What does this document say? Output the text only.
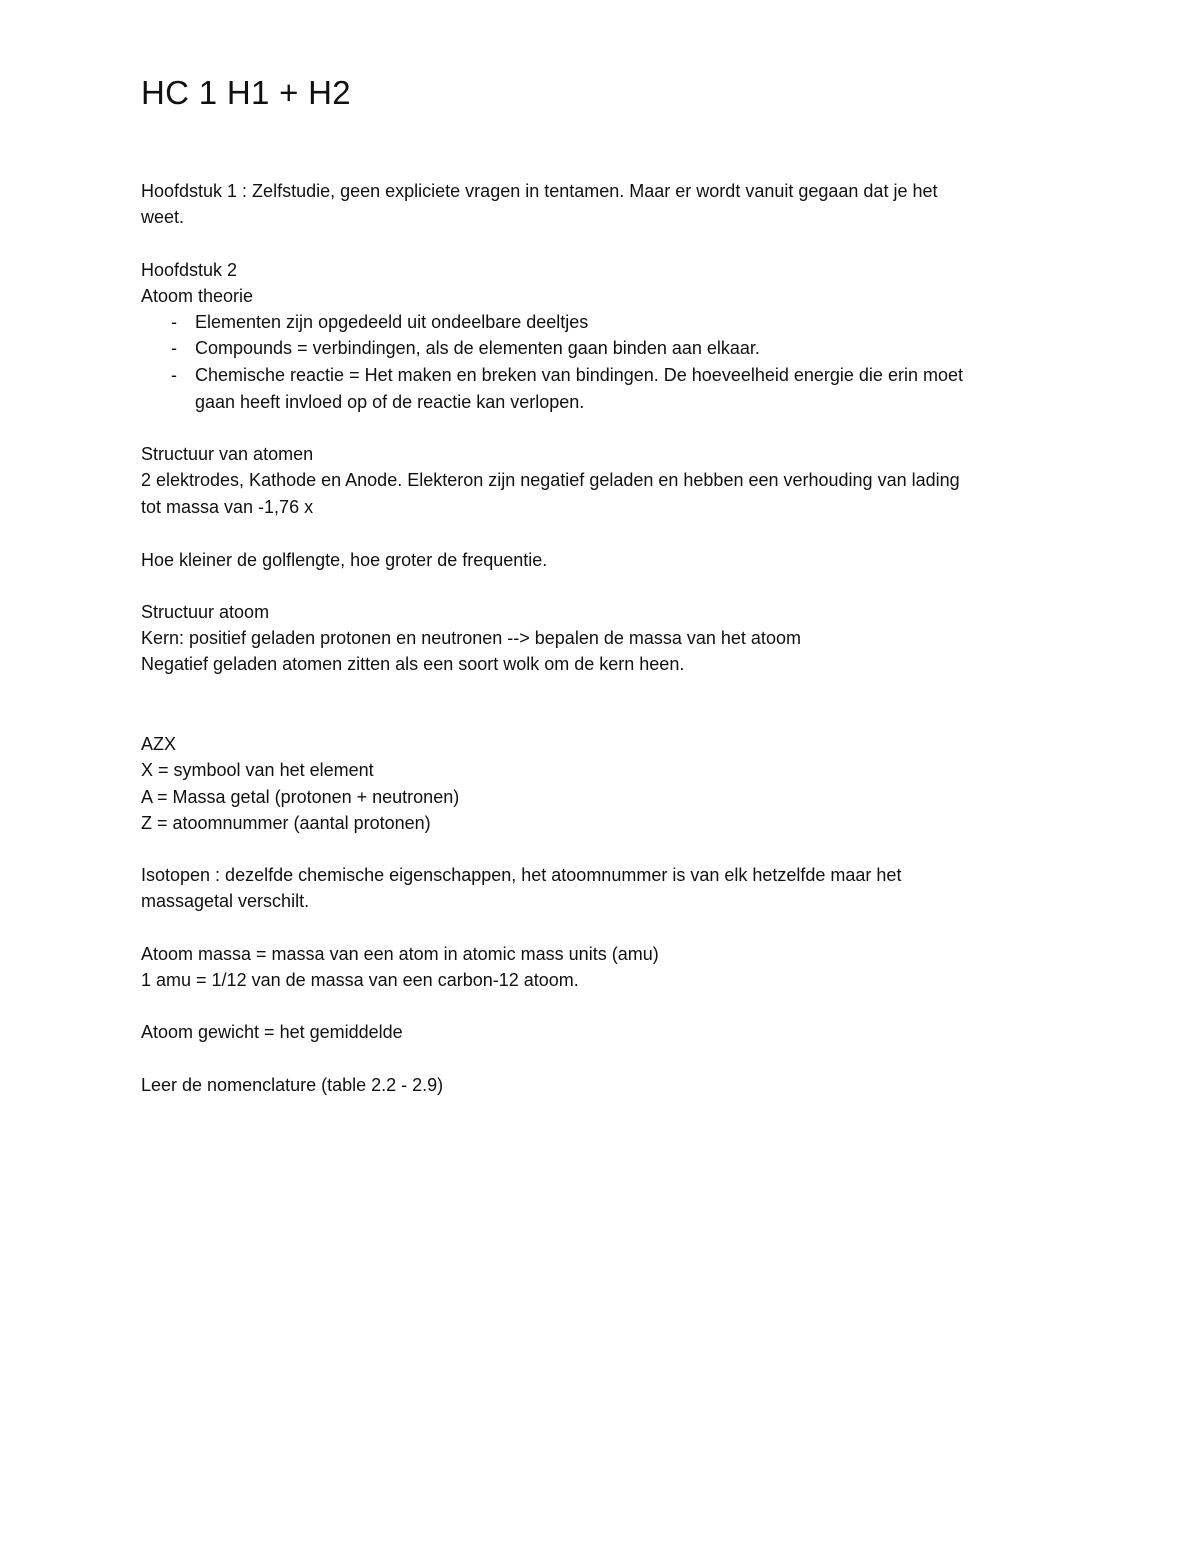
HC 1 H1 + H2
Hoofdstuk 1 : Zelfstudie, geen expliciete vragen in tentamen. Maar er wordt vanuit gegaan dat je het
weet.
Hoofdstuk 2
Atoom theorie
- Elementen zijn opgedeeld uit ondeelbare deeltjes
- Compounds = verbindingen, als de elementen gaan binden aan elkaar.
- Chemische reactie = Het maken en breken van bindingen. De hoeveelheid energie die erin moet
gaan heeft invloed op of de reactie kan verlopen.
Structuur van atomen
2 elektrodes, Kathode en Anode. Elekteron zijn negatief geladen en hebben een verhouding van lading
tot massa van -1,76 x
Hoe kleiner de golflengte, hoe groter de frequentie.
Structuur atoom
Kern: positief geladen protonen en neutronen --> bepalen de massa van het atoom
Negatief geladen atomen zitten als een soort wolk om de kern heen.
AZX
X = symbool van het element
A = Massa getal (protonen + neutronen)
Z = atoomnummer (aantal protonen)
Isotopen : dezelfde chemische eigenschappen, het atoomnummer is van elk hetzelfde maar het
massagetal verschilt.
Atoom massa = massa van een atom in atomic mass units (amu)
1 amu = 1/12 van de massa van een carbon-12 atoom.
Atoom gewicht = het gemiddelde
Leer de nomenclature (table 2.2 - 2.9)
